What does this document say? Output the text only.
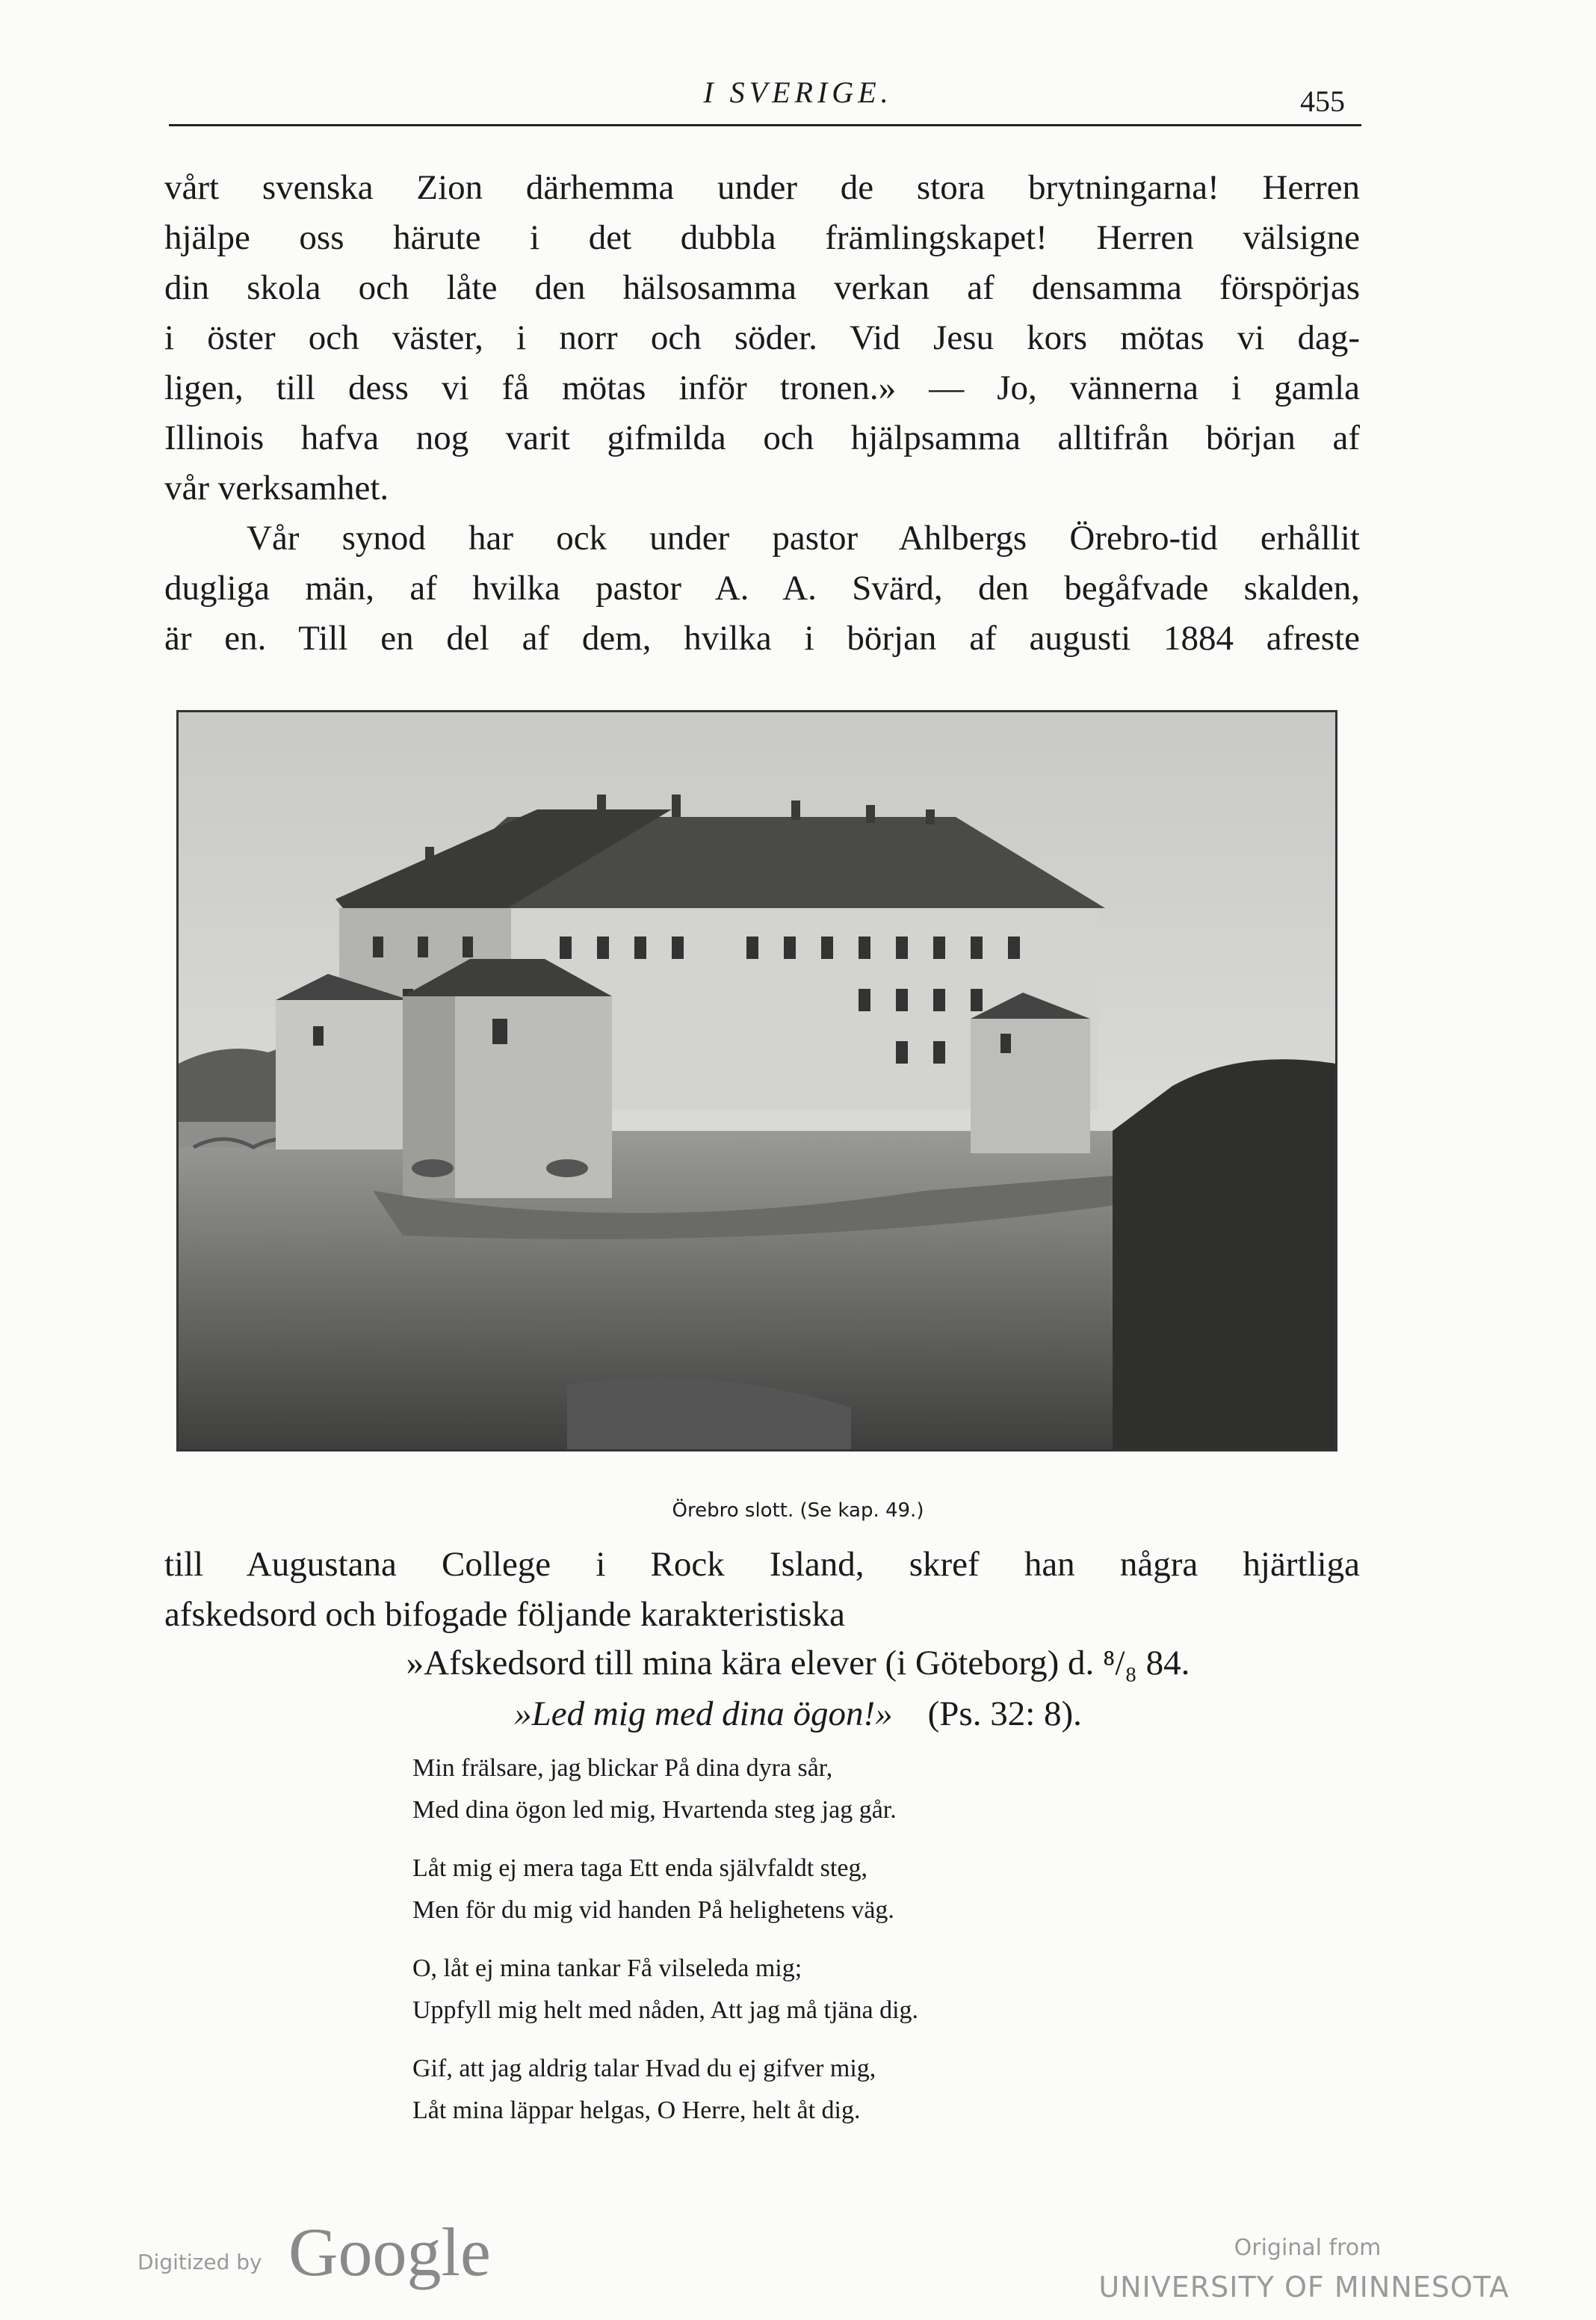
I SVERIGE.	455
vårt svenska Zion därhemma under de stora brytningarna! Herren
hjälpe oss härute i det dubbla främlingskapet! Herren välsigne
din skola och låte den hälsosamma verkan af densamma förspörjas
i öster och väster, i norr och söder. Vid Jesu kors mötas vi dag-
ligen, till dess vi få mötas inför tronen.» — Jo, vännerna i gamla
Illinois hafva nog varit gifmilda och hjälpsamma alltifrån början af
vår verksamhet.
Vår synod har ock under pastor Ahlbergs Örebro-tid erhållit
dugliga män, af hvilka pastor A. A. Svärd, den begåfvade skalden,
är en. Till en del af dem, hvilka i början af augusti 1884 afreste
Örebro slott. (Se kap. 49.)
till Augustana College i Rock Island, skref han några hjärtliga
afskedsord och bifogade följande karakteristiska
»Afskedsord till mina kära elever (i Göteborg) d. ⁸/₈ 84.
»Led mig med dina ögon!» (Ps. 32: 8).
Min frälsare, jag blickar På dina dyra sår,
Med dina ögon led mig, Hvartenda steg jag går.
Låt mig ej mera taga Ett enda självfaldt steg,
Men för du mig vid handen På helighetens väg.
O, låt ej mina tankar Få vilseleda mig;
Uppfyll mig helt med nåden, Att jag må tjäna dig.
Gif, att jag aldrig talar Hvad du ej gifver mig,
Låt mina läppar helgas, O Herre, helt åt dig.
Digitized by Google	Original from
UNIVERSITY OF MINNESOTA
